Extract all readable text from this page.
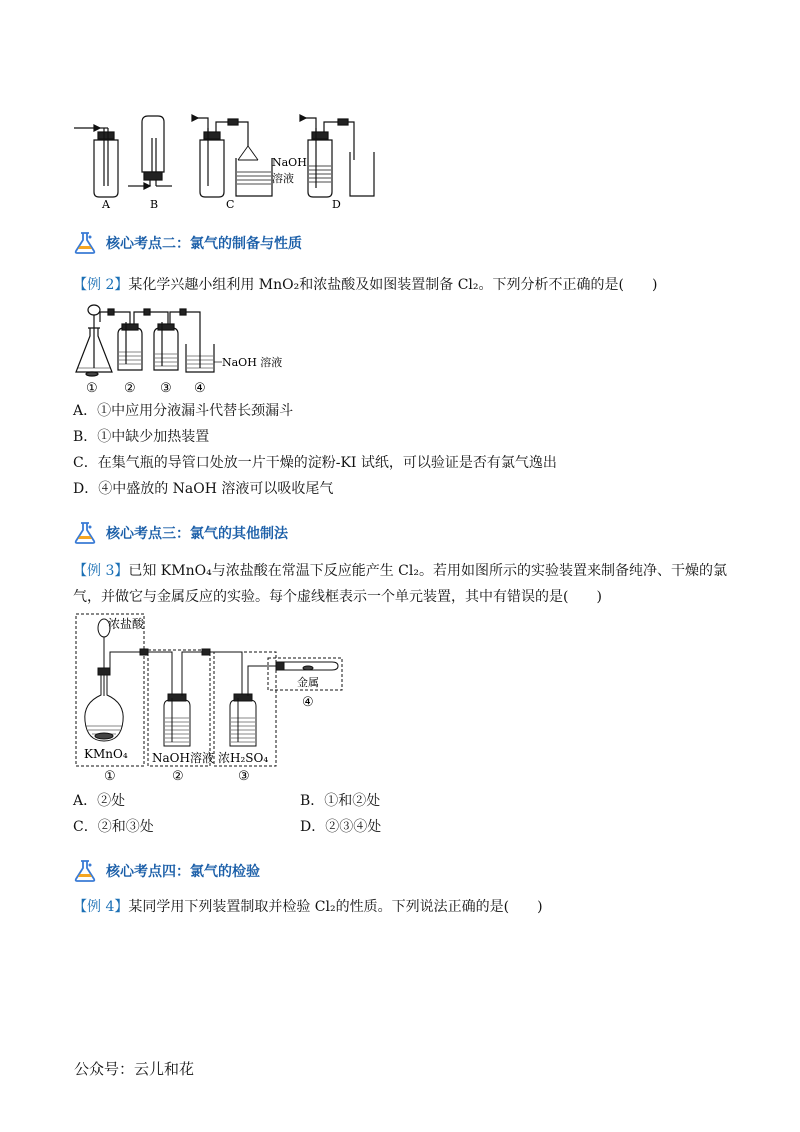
A	B	C	D
NaOH
溶液
核心考点二：氯气的制备与性质
【例 2】某化学兴趣小组利用 MnO₂和浓盐酸及如图装置制备 Cl₂。下列分析不正确的是(　　)
NaOH 溶液
① ② ③ ④
A．①中应用分液漏斗代替长颈漏斗
B．①中缺少加热装置
C．在集气瓶的导管口处放一片干燥的淀粉-KI 试纸，可以验证是否有氯气逸出
D．④中盛放的 NaOH 溶液可以吸收尾气
核心考点三：氯气的其他制法
【例 3】已知 KMnO₄与浓盐酸在常温下反应能产生 Cl₂。若用如图所示的实验装置来制备纯净、干燥的氯气，并做它与金属反应的实验。每个虚线框表示一个单元装置，其中有错误的是(　　)
浓盐酸
KMnO₄ NaOH溶液 浓H₂SO₄
金属
①	②	③
④
A．②处	B．①和②处
C．②和③处	D．②③④处
核心考点四：氯气的检验
【例 4】某同学用下列装置制取并检验 Cl₂的性质。下列说法正确的是(　　)
公众号：云儿和花
